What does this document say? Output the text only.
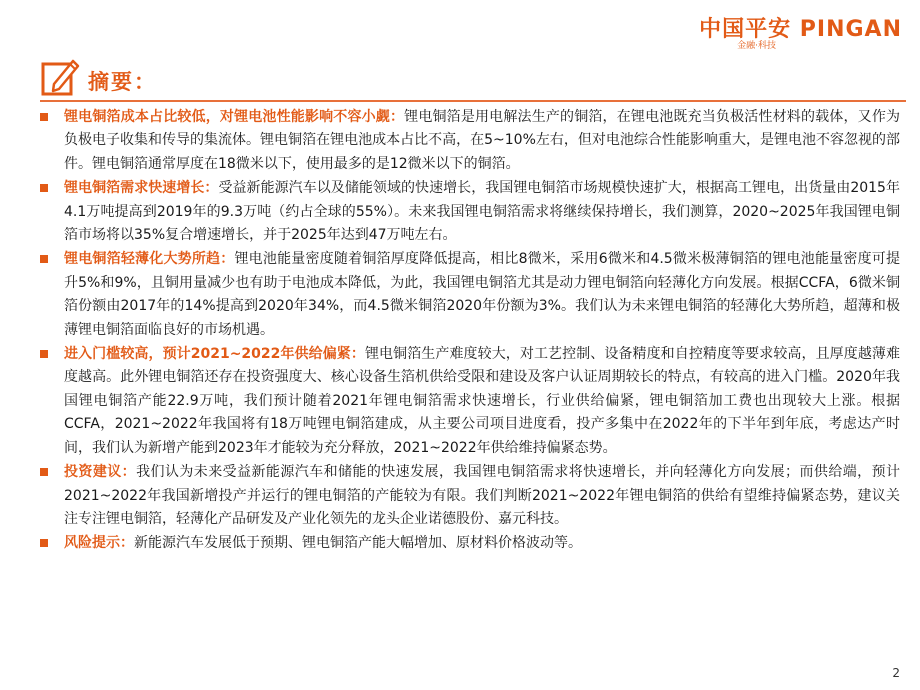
中国平安 PINGAN
金融·科技
摘要：
锂电铜箔成本占比较低，对锂电池性能影响不容小觑：锂电铜箔是用电解法生产的铜箔，在锂电池既充当负极活性材料的载体，又作为负极电子收集和传导的集流体。锂电铜箔在锂电池成本占比不高，在5~10%左右，但对电池综合性能影响重大，是锂电池不容忽视的部件。锂电铜箔通常厚度在18微米以下，使用最多的是12微米以下的铜箔。
锂电铜箔需求快速增长：受益新能源汽车以及储能领域的快速增长，我国锂电铜箔市场规模快速扩大，根据高工锂电，出货量由2015年4.1万吨提高到2019年的9.3万吨（约占全球的55%）。未来我国锂电铜箔需求将继续保持增长，我们测算，2020~2025年我国锂电铜箔市场将以35%复合增速增长，并于2025年达到47万吨左右。
锂电铜箔轻薄化大势所趋：锂电池能量密度随着铜箔厚度降低提高，相比8微米，采用6微米和4.5微米极薄铜箔的锂电池能量密度可提升5%和9%，且铜用量减少也有助于电池成本降低，为此，我国锂电铜箔尤其是动力锂电铜箔向轻薄化方向发展。根据CCFA，6微米铜箔份额由2017年的14%提高到2020年34%，而4.5微米铜箔2020年份额为3%。我们认为未来锂电铜箔的轻薄化大势所趋，超薄和极薄锂电铜箔面临良好的市场机遇。
进入门槛较高，预计2021~2022年供给偏紧：锂电铜箔生产难度较大，对工艺控制、设备精度和自控精度等要求较高，且厚度越薄难度越高。此外锂电铜箔还存在投资强度大、核心设备生箔机供给受限和建设及客户认证周期较长的特点，有较高的进入门槛。2020年我国锂电铜箔产能22.9万吨，我们预计随着2021年锂电铜箔需求快速增长，行业供给偏紧，锂电铜箔加工费也出现较大上涨。根据CCFA，2021~2022年我国将有18万吨锂电铜箔建成，从主要公司项目进度看，投产多集中在2022年的下半年到年底，考虑达产时间，我们认为新增产能到2023年才能较为充分释放，2021~2022年供给维持偏紧态势。
投资建议：我们认为未来受益新能源汽车和储能的快速发展，我国锂电铜箔需求将快速增长，并向轻薄化方向发展；而供给端，预计2021~2022年我国新增投产并运行的锂电铜箔的产能较为有限。我们判断2021~2022年锂电铜箔的供给有望维持偏紧态势，建议关注专注锂电铜箔，轻薄化产品研发及产业化领先的龙头企业诺德股份、嘉元科技。
风险提示：新能源汽车发展低于预期、锂电铜箔产能大幅增加、原材料价格波动等。
2
